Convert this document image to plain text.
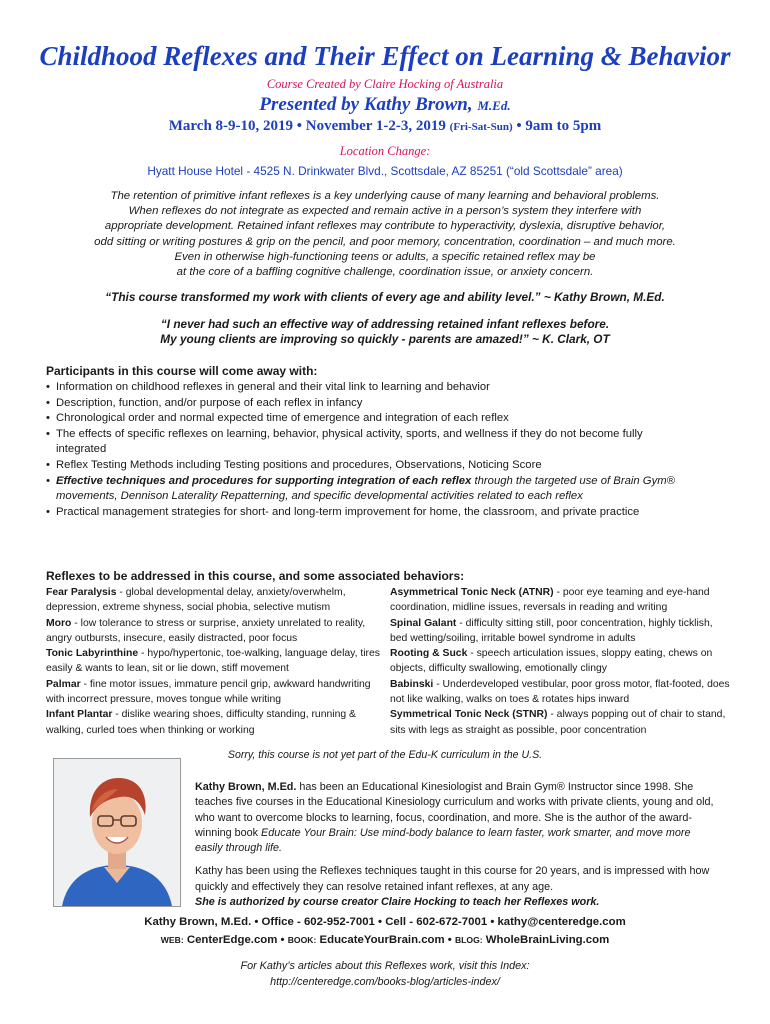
Childhood Reflexes and Their Effect on Learning & Behavior
Course Created by Claire Hocking of Australia
Presented by Kathy Brown, M.Ed.
March 8-9-10, 2019 • November 1-2-3, 2019 (Fri-Sat-Sun) • 9am to 5pm
Location Change:
Hyatt House Hotel - 4525 N. Drinkwater Blvd., Scottsdale, AZ 85251 (“old Scottsdale” area)
The retention of primitive infant reflexes is a key underlying cause of many learning and behavioral problems.
When reflexes do not integrate as expected and remain active in a person’s system they interfere with
appropriate development. Retained infant reflexes may contribute to hyperactivity, dyslexia, disruptive behavior,
odd sitting or writing postures & grip on the pencil, and poor memory, concentration, coordination – and much more.
Even in otherwise high-functioning teens or adults, a specific retained reflex may be
at the core of a baffling cognitive challenge, coordination issue, or anxiety concern.
“This course transformed my work with clients of every age and ability level.” ~ Kathy Brown, M.Ed.
“I never had such an effective way of addressing retained infant reflexes before.
My young clients are improving so quickly - parents are amazed!” ~ K. Clark, OT
Participants in this course will come away with:
• Information on childhood reflexes in general and their vital link to learning and behavior
• Description, function, and/or purpose of each reflex in infancy
• Chronological order and normal expected time of emergence and integration of each reflex
• The effects of specific reflexes on learning, behavior, physical activity, sports, and wellness if they do not become fully integrated
• Reflex Testing Methods including Testing positions and procedures, Observations, Noticing Score
• Effective techniques and procedures for supporting integration of each reflex through the targeted use of Brain Gym® movements, Dennison Laterality Repatterning, and specific developmental activities related to each reflex
• Practical management strategies for short- and long-term improvement for home, the classroom, and private practice
Reflexes to be addressed in this course, and some associated behaviors:
Fear Paralysis - global developmental delay, anxiety/overwhelm, depression, extreme shyness, social phobia, selective mutism
Moro - low tolerance to stress or surprise, anxiety unrelated to reality, angry outbursts, insecure, easily distracted, poor focus
Tonic Labyrinthine - hypo/hypertonic, toe-walking, language delay, tires easily & wants to lean, sit or lie down, stiff movement
Palmar - fine motor issues, immature pencil grip, awkward handwriting with incorrect pressure, moves tongue while writing
Infant Plantar - dislike wearing shoes, difficulty standing, running & walking, curled toes when thinking or working
Asymmetrical Tonic Neck (ATNR) - poor eye teaming and eye-hand coordination, midline issues, reversals in reading and writing
Spinal Galant - difficulty sitting still, poor concentration, highly ticklish, bed wetting/soiling, irritable bowel syndrome in adults
Rooting & Suck - speech articulation issues, sloppy eating, chews on objects, difficulty swallowing, emotionally clingy
Babinski - Underdeveloped vestibular, poor gross motor, flat-footed, does not like walking, walks on toes & rotates hips inward
Symmetrical Tonic Neck (STNR) - always popping out of chair to stand, sits with legs as straight as possible, poor concentration
Sorry, this course is not yet part of the Edu-K curriculum in the U.S.

Kathy Brown, M.Ed. has been an Educational Kinesiologist and Brain Gym® Instructor since 1998. She teaches five courses in the Educational Kinesiology curriculum and works with private clients, young and old, who want to overcome blocks to learning, focus, coordination, and more. She is the author of the award-winning book Educate Your Brain: Use mind-body balance to learn faster, work smarter, and move more easily through life.

Kathy has been using the Reflexes techniques taught in this course for 20 years, and is impressed with how quickly and effectively they can resolve retained infant reflexes, at any age.

She is authorized by course creator Claire Hocking to teach her Reflexes work.

Kathy Brown, M.Ed. • Office - 602-952-7001 • Cell - 602-672-7001 • kathy@centeredge.com
WEB: CenterEdge.com • BOOK: EducateYourBrain.com • BLOG: WholeBrainLiving.com
For Kathy’s articles about this Reflexes work, visit this Index:
http://centeredge.com/books-blog/articles-index/
